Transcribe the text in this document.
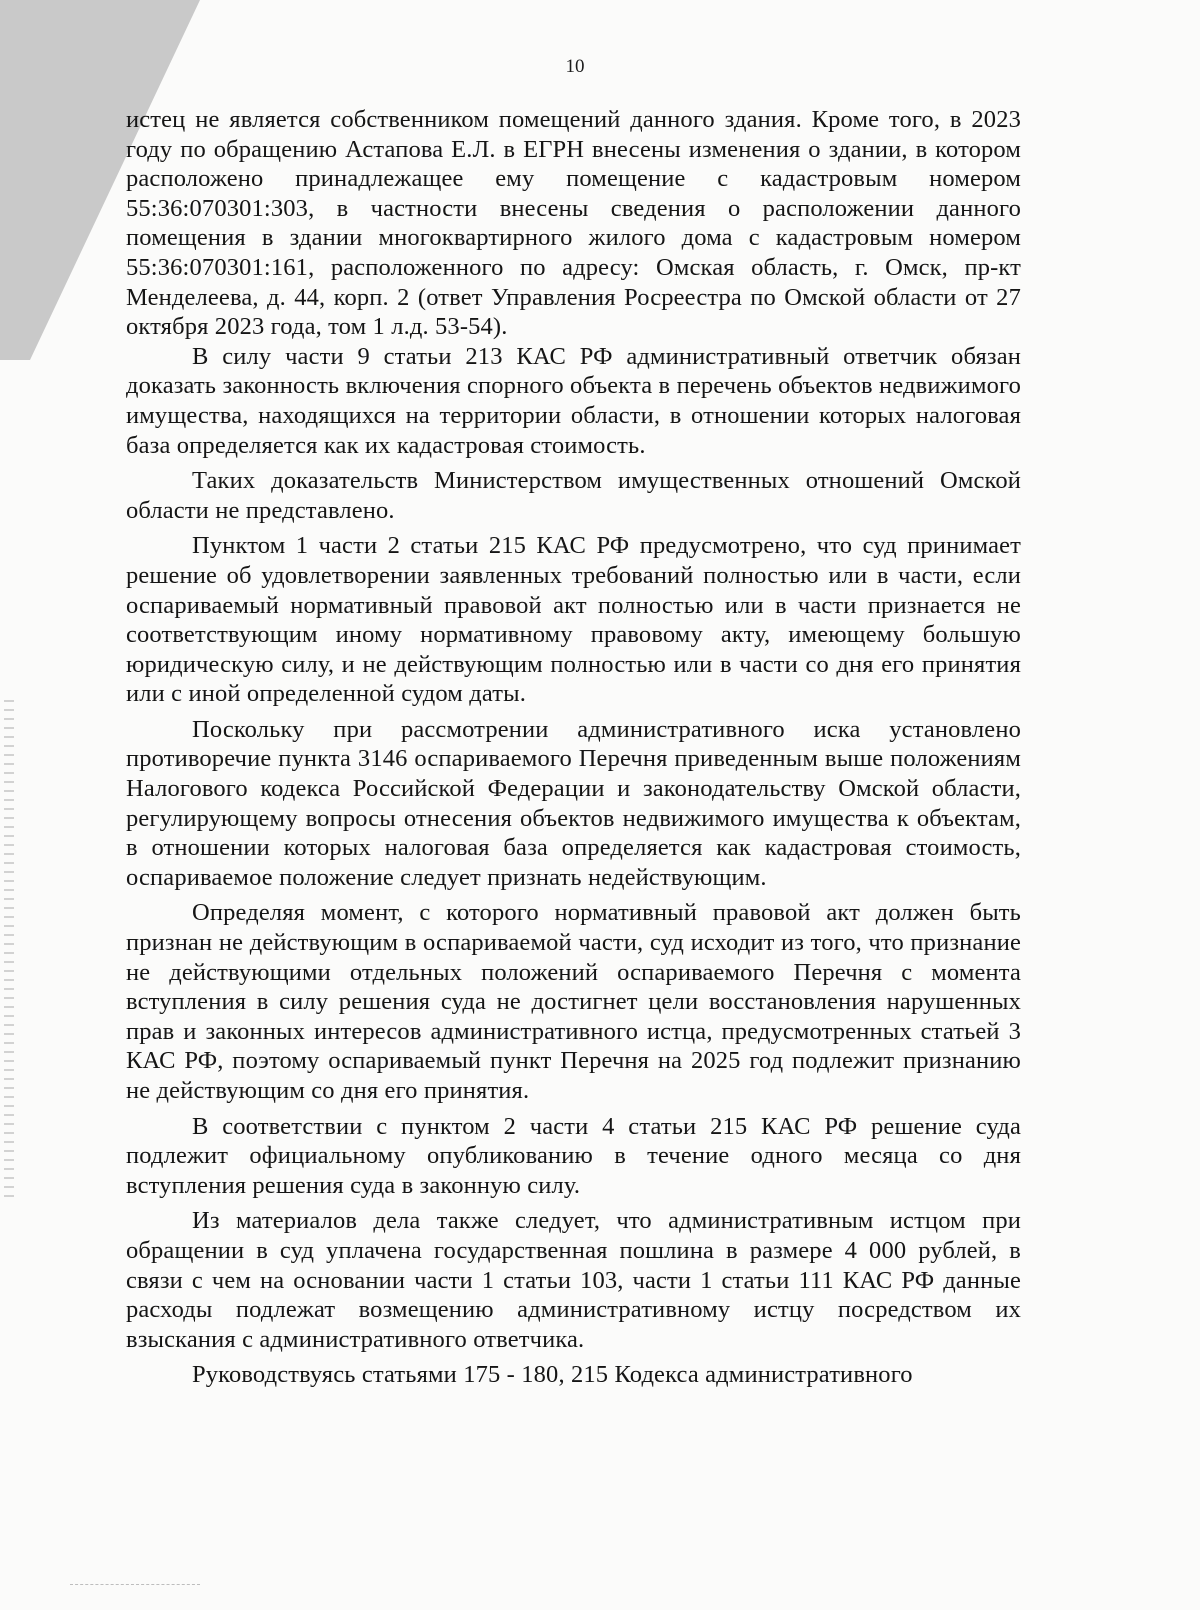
10

истец не является собственником помещений данного здания. Кроме того, в 2023 году по обращению Астапова Е.Л. в ЕГРН внесены изменения о здании, в котором расположено принадлежащее ему помещение с кадастровым номером 55:36:070301:303, в частности внесены сведения о расположении данного помещения в здании многоквартирного жилого дома с кадастровым номером 55:36:070301:161, расположенного по адресу: Омская область, г. Омск, пр-кт Менделеева, д. 44, корп. 2 (ответ Управления Росреестра по Омской области от 27 октября 2023 года, том 1 л.д. 53-54).

В силу части 9 статьи 213 КАС РФ административный ответчик обязан доказать законность включения спорного объекта в перечень объектов недвижимого имущества, находящихся на территории области, в отношении которых налоговая база определяется как их кадастровая стоимость.

Таких доказательств Министерством имущественных отношений Омской области не представлено.

Пунктом 1 части 2 статьи 215 КАС РФ предусмотрено, что суд принимает решение об удовлетворении заявленных требований полностью или в части, если оспариваемый нормативный правовой акт полностью или в части признается не соответствующим иному нормативному правовому акту, имеющему большую юридическую силу, и не действующим полностью или в части со дня его принятия или с иной определенной судом даты.

Поскольку при рассмотрении административного иска установлено противоречие пункта 3146 оспариваемого Перечня приведенным выше положениям Налогового кодекса Российской Федерации и законодательству Омской области, регулирующему вопросы отнесения объектов недвижимого имущества к объектам, в отношении которых налоговая база определяется как кадастровая стоимость, оспариваемое положение следует признать недействующим.

Определяя момент, с которого нормативный правовой акт должен быть признан не действующим в оспариваемой части, суд исходит из того, что признание не действующими отдельных положений оспариваемого Перечня с момента вступления в силу решения суда не достигнет цели восстановления нарушенных прав и законных интересов административного истца, предусмотренных статьей 3 КАС РФ, поэтому оспариваемый пункт Перечня на 2025 год подлежит признанию не действующим со дня его принятия.

В соответствии с пунктом 2 части 4 статьи 215 КАС РФ решение суда подлежит официальному опубликованию в течение одного месяца со дня вступления решения суда в законную силу.

Из материалов дела также следует, что административным истцом при обращении в суд уплачена государственная пошлина в размере 4 000 рублей, в связи с чем на основании части 1 статьи 103, части 1 статьи 111 КАС РФ данные расходы подлежат возмещению административному истцу посредством их взыскания с административного ответчика.

Руководствуясь статьями 175 - 180, 215 Кодекса административного
